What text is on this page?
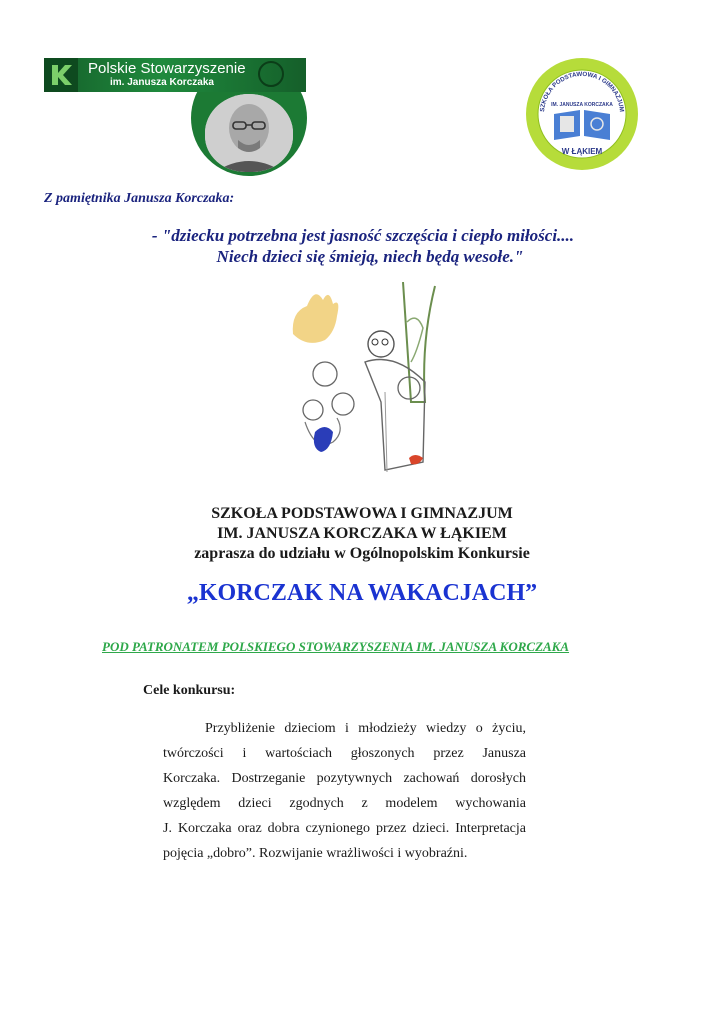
Polskie Stowarzyszenie
im. Janusza Korczaka
SZKOŁA PODSTAWOWA I GIMNAZJUM
IM. JANUSZA KORCZAKA
W ŁĄKIEM
Z pamiętnika Janusza Korczaka:
- "dziecku potrzebna jest jasność szczęścia i ciepło miłości....
Niech dzieci się śmieją, niech będą wesołe."
SZKOŁA PODSTAWOWA I GIMNAZJUM
IM. JANUSZA KORCZAKA W ŁĄKIEM
zaprasza do udziału w Ogólnopolskim Konkursie
„KORCZAK NA WAKACJACH”
POD PATRONATEM POLSKIEGO STOWARZYSZENIA IM. JANUSZA KORCZAKA
Cele konkursu:
Przybliżenie dzieciom i młodzieży wiedzy o życiu,
twórczości i wartościach głoszonych przez Janusza
Korczaka. Dostrzeganie pozytywnych zachowań dorosłych
względem dzieci zgodnych z modelem wychowania
J. Korczaka oraz dobra czynionego przez dzieci. Interpretacja
pojęcia „dobro”. Rozwijanie wrażliwości i wyobraźni.
